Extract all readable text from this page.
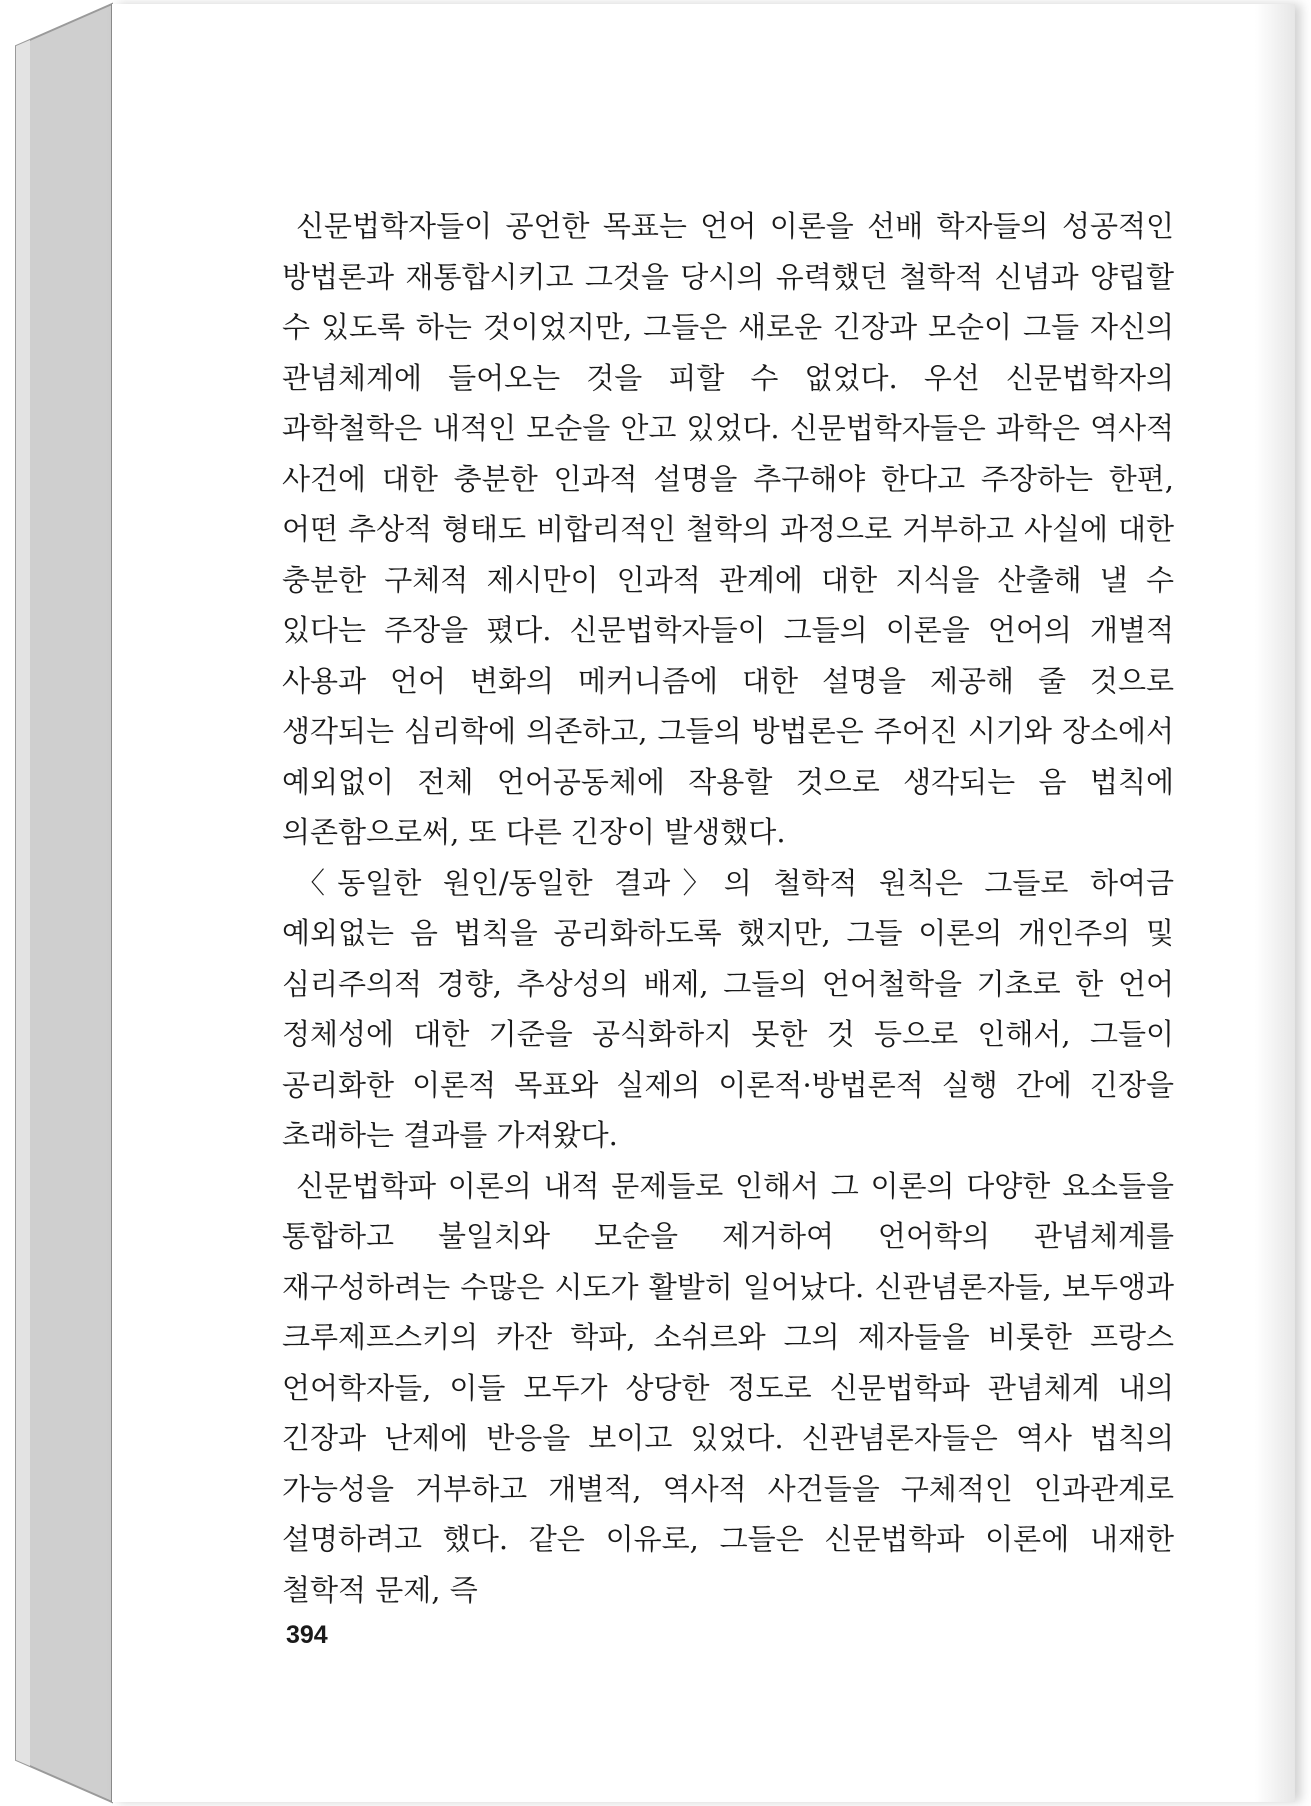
신문법학자들이 공언한 목표는 언어 이론을 선배 학자들의 성공적인 방법론과 재통합시키고 그것을 당시의 유력했던 철학적 신념과 양립할 수 있도록 하는 것이었지만, 그들은 새로운 긴장과 모순이 그들 자신의 관념체계에 들어오는 것을 피할 수 없었다. 우선 신문법학자의 과학철학은 내적인 모순을 안고 있었다. 신문법학자들은 과학은 역사적 사건에 대한 충분한 인과적 설명을 추구해야 한다고 주장하는 한편, 어떤 추상적 형태도 비합리적인 철학의 과정으로 거부하고 사실에 대한 충분한 구체적 제시만이 인과적 관계에 대한 지식을 산출해 낼 수 있다는 주장을 폈다. 신문법학자들이 그들의 이론을 언어의 개별적 사용과 언어 변화의 메커니즘에 대한 설명을 제공해 줄 것으로 생각되는 심리학에 의존하고, 그들의 방법론은 주어진 시기와 장소에서 예외없이 전체 언어공동체에 작용할 것으로 생각되는 음 법칙에 의존함으로써, 또 다른 긴장이 발생했다.

〈동일한 원인/동일한 결과〉의 철학적 원칙은 그들로 하여금 예외없는 음 법칙을 공리화하도록 했지만, 그들 이론의 개인주의 및 심리주의적 경향, 추상성의 배제, 그들의 언어철학을 기초로 한 언어 정체성에 대한 기준을 공식화하지 못한 것 등으로 인해서, 그들이 공리화한 이론적 목표와 실제의 이론적·방법론적 실행 간에 긴장을 초래하는 결과를 가져왔다.

신문법학파 이론의 내적 문제들로 인해서 그 이론의 다양한 요소들을 통합하고 불일치와 모순을 제거하여 언어학의 관념체계를 재구성하려는 수많은 시도가 활발히 일어났다. 신관념론자들, 보두앵과 크루제프스키의 카잔 학파, 소쉬르와 그의 제자들을 비롯한 프랑스 언어학자들, 이들 모두가 상당한 정도로 신문법학파 관념체계 내의 긴장과 난제에 반응을 보이고 있었다. 신관념론자들은 역사 법칙의 가능성을 거부하고 개별적, 역사적 사건들을 구체적인 인과관계로 설명하려고 했다. 같은 이유로, 그들은 신문법학파 이론에 내재한 철학적 문제, 즉

394
